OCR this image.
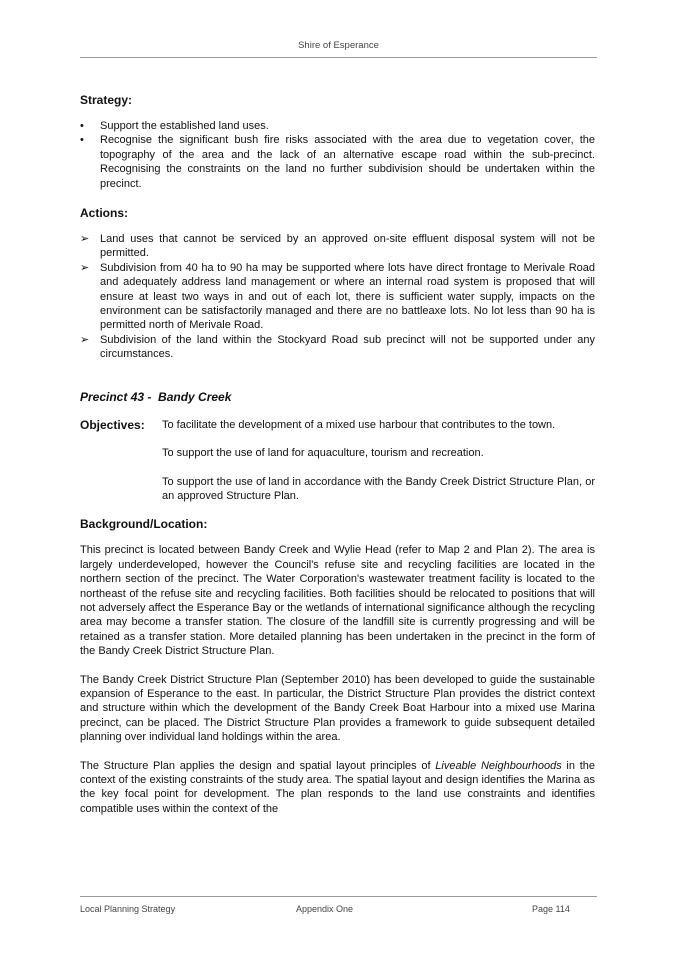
Shire of Esperance
Strategy:
• Support the established land uses.
• Recognise the significant bush fire risks associated with the area due to vegetation cover, the topography of the area and the lack of an alternative escape road within the sub-precinct. Recognising the constraints on the land no further subdivision should be undertaken within the precinct.
Actions:
➢ Land uses that cannot be serviced by an approved on-site effluent disposal system will not be permitted.
➢ Subdivision from 40 ha to 90 ha may be supported where lots have direct frontage to Merivale Road and adequately address land management or where an internal road system is proposed that will ensure at least two ways in and out of each lot, there is sufficient water supply, impacts on the environment can be satisfactorily managed and there are no battleaxe lots. No lot less than 90 ha is permitted north of Merivale Road.
➢ Subdivision of the land within the Stockyard Road sub precinct will not be supported under any circumstances.
Precinct 43 -  Bandy Creek
Objectives:	To facilitate the development of a mixed use harbour that contributes to the town.

To support the use of land for aquaculture, tourism and recreation.

To support the use of land in accordance with the Bandy Creek District Structure Plan, or an approved Structure Plan.

Background/Location:

This precinct is located between Bandy Creek and Wylie Head (refer to Map 2 and Plan 2). The area is largely underdeveloped, however the Council's refuse site and recycling facilities are located in the northern section of the precinct. The Water Corporation's wastewater treatment facility is located to the northeast of the refuse site and recycling facilities. Both facilities should be relocated to positions that will not adversely affect the Esperance Bay or the wetlands of international significance although the recycling area may become a transfer station. The closure of the landfill site is currently progressing and will be retained as a transfer station. More detailed planning has been undertaken in the precinct in the form of the Bandy Creek District Structure Plan.

The Bandy Creek District Structure Plan (September 2010) has been developed to guide the sustainable expansion of Esperance to the east. In particular, the District Structure Plan provides the district context and structure within which the development of the Bandy Creek Boat Harbour into a mixed use Marina precinct, can be placed. The District Structure Plan provides a framework to guide subsequent detailed planning over individual land holdings within the area.

The Structure Plan applies the design and spatial layout principles of Liveable Neighbourhoods in the context of the existing constraints of the study area. The spatial layout and design identifies the Marina as the key focal point for development. The plan responds to the land use constraints and identifies compatible uses within the context of the

Local Planning Strategy	Appendix One	Page 114
